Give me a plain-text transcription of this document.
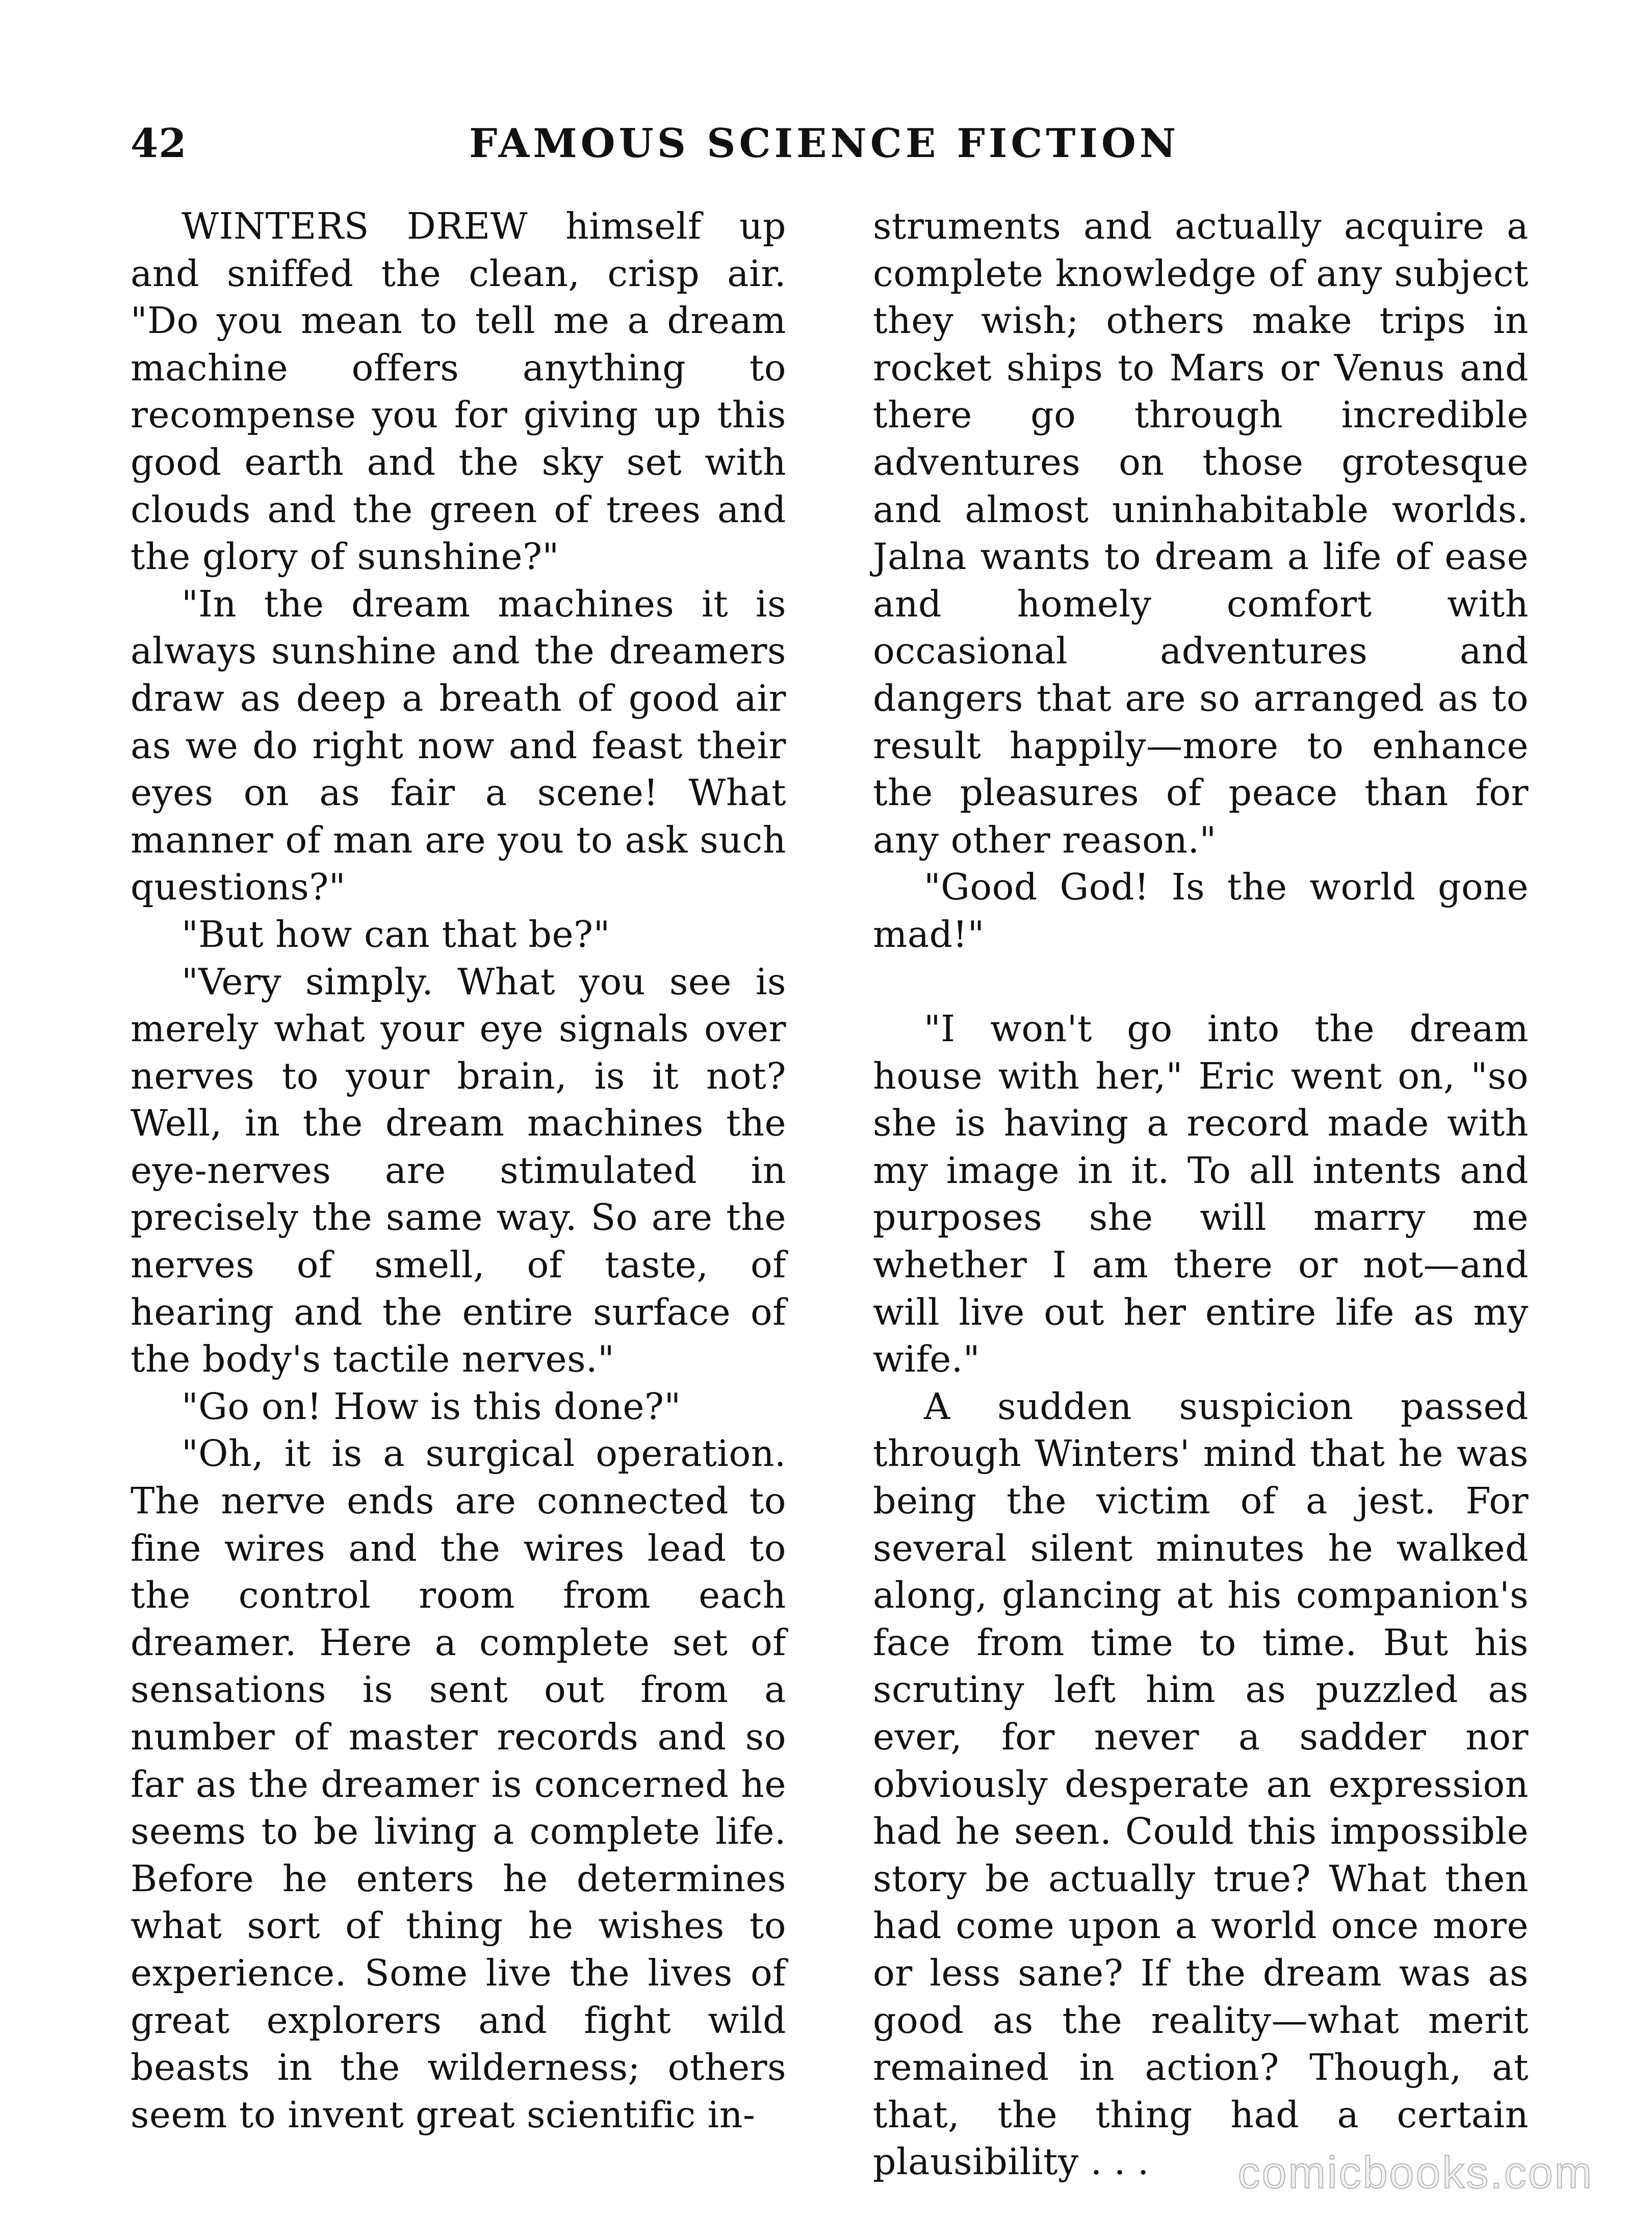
42	FAMOUS SCIENCE FICTION
WINTERS DREW himself up and sniffed the clean, crisp air. "Do you mean to tell me a dream machine offers anything to recompense you for giving up this good earth and the sky set with clouds and the green of trees and the glory of sunshine?"
"In the dream machines it is always sunshine and the dreamers draw as deep a breath of good air as we do right now and feast their eyes on as fair a scene! What manner of man are you to ask such questions?"
"But how can that be?"
"Very simply. What you see is merely what your eye signals over nerves to your brain, is it not? Well, in the dream machines the eye-nerves are stimulated in precisely the same way. So are the nerves of smell, of taste, of hearing and the entire surface of the body's tactile nerves."
"Go on! How is this done?"
"Oh, it is a surgical operation. The nerve ends are connected to fine wires and the wires lead to the control room from each dreamer. Here a complete set of sensations is sent out from a number of master records and so far as the dreamer is concerned he seems to be living a complete life. Before he enters he determines what sort of thing he wishes to experience. Some live the lives of great explorers and fight wild beasts in the wilderness; others seem to invent great scientific in-
struments and actually acquire a complete knowledge of any subject they wish; others make trips in rocket ships to Mars or Venus and there go through incredible adventures on those grotesque and almost uninhabitable worlds. Jalna wants to dream a life of ease and homely comfort with occasional adventures and dangers that are so arranged as to result happily—more to enhance the pleasures of peace than for any other reason."
"Good God! Is the world gone mad!"
"I won't go into the dream house with her," Eric went on, "so she is having a record made with my image in it. To all intents and purposes she will marry me whether I am there or not—and will live out her entire life as my wife."
A sudden suspicion passed through Winters' mind that he was being the victim of a jest. For several silent minutes he walked along, glancing at his companion's face from time to time. But his scrutiny left him as puzzled as ever, for never a sadder nor obviously desperate an expression had he seen. Could this impossible story be actually true? What then had come upon a world once more or less sane? If the dream was as good as the reality—what merit remained in action? Though, at that, the thing had a certain plausibility . . .	comicbooks.com
